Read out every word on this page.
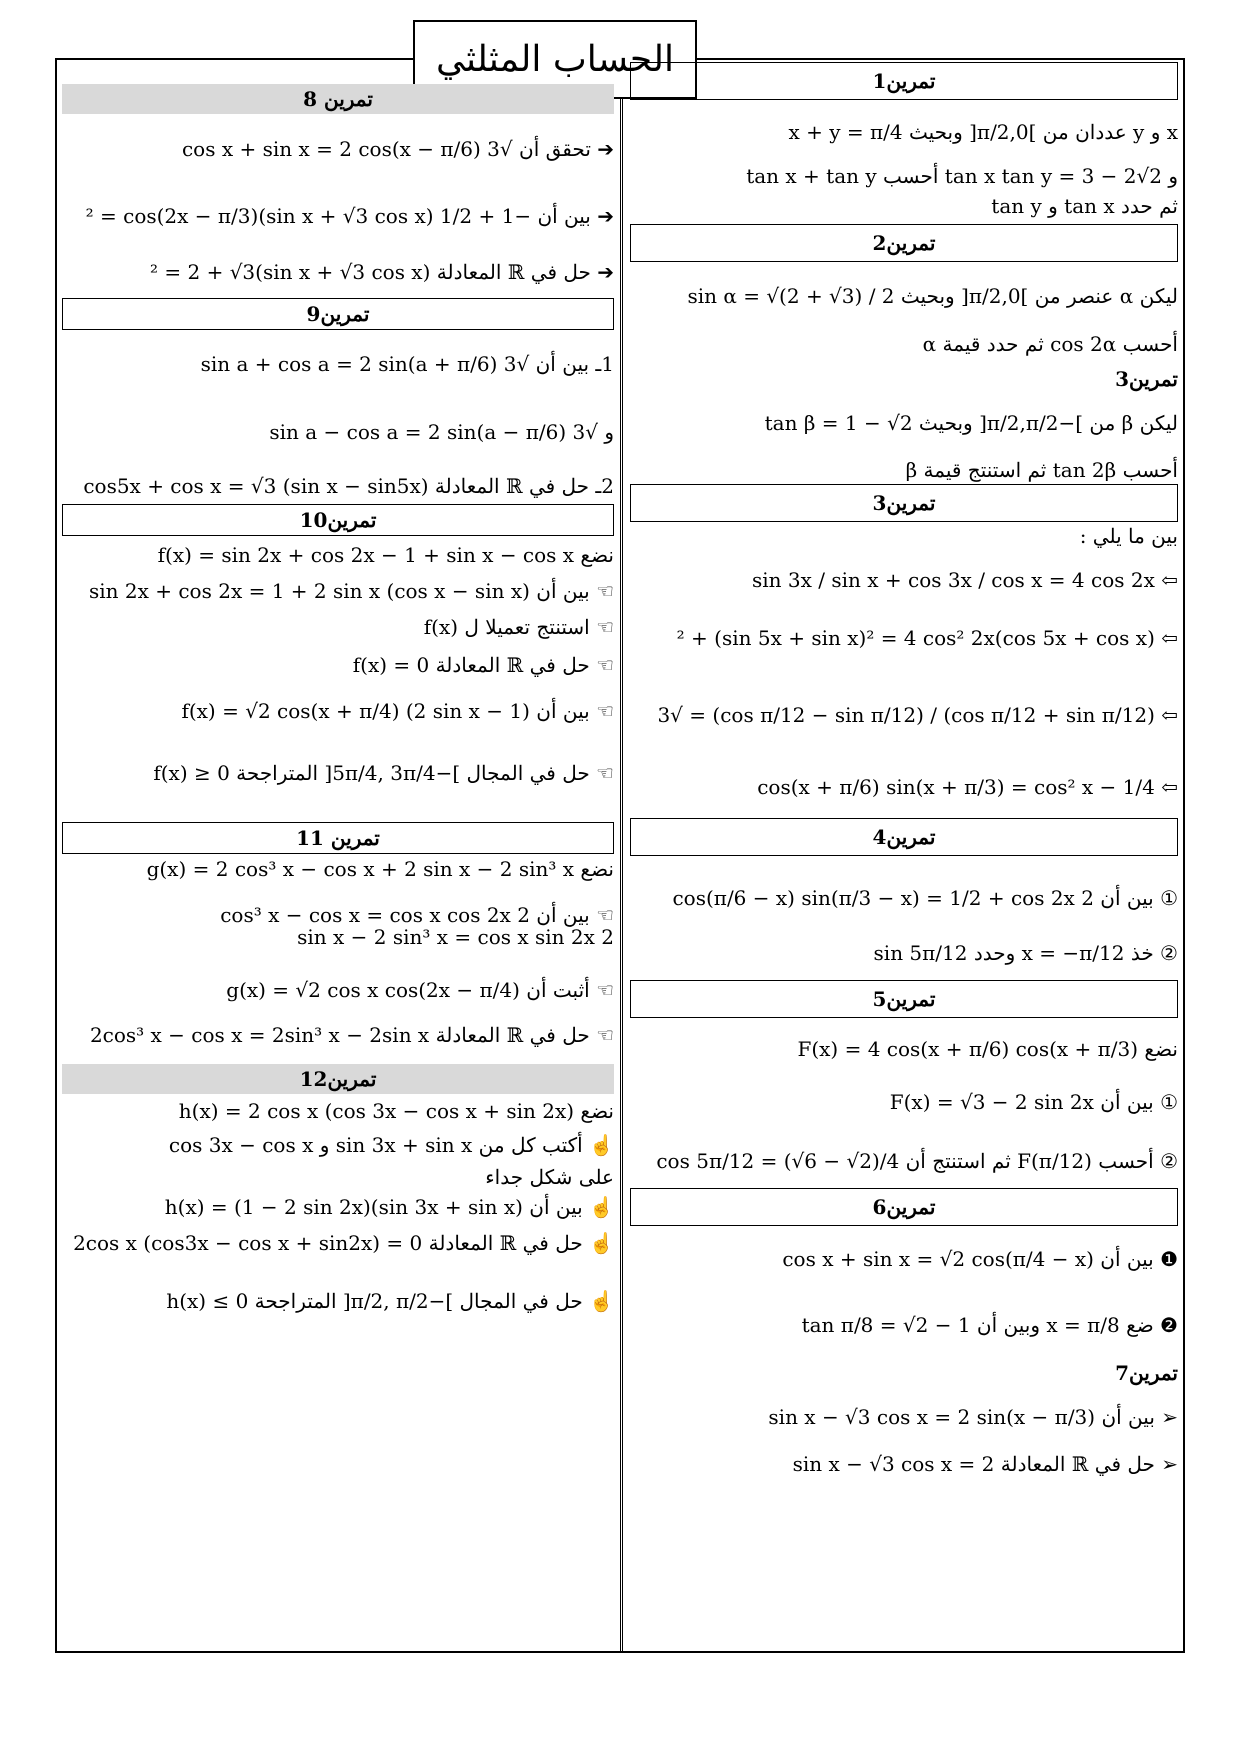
الحساب المثلثي
تمرين1
x و y عددان من ]0,π/2[ وبحيث x + y = π/4
و tan x tan y = 3 − 2√2 أحسب tan x + tan y
ثم حدد tan x و tan y
تمرين2
ليكن α عنصر من ]0,π/2[ وبحيث sin α = √(2 + √3) / 2
أحسب cos 2α ثم حدد قيمة α
تمرين3
ليكن β من ]−π/2,π/2[ وبحيث tan β = 1 − √2
أحسب tan 2β ثم استنتج قيمة β
تمرين3
بين ما يلي :
⇦ sin 3x / sin x + cos 3x / cos x = 4 cos 2x
⇦ (cos 5x + cos x)² + (sin 5x + sin x)² = 4 cos² 2x
⇦ (cos π/12 + sin π/12) / (cos π/12 − sin π/12) = √3
⇦ cos(x + π/6) sin(x + π/3) = cos² x − 1/4
تمرين4
① بين أن 2 cos(π/6 − x) sin(π/3 − x) = 1/2 + cos 2x
② خذ x = −π/12 وحدد sin 5π/12
تمرين5
نضع F(x) = 4 cos(x + π/6) cos(x + π/3)
① بين أن F(x) = √3 − 2 sin 2x
② أحسب F(π/12) ثم استنتج أن cos 5π/12 = (√6 − √2)/4
تمرين6
❶ بين أن cos x + sin x = √2 cos(π/4 − x)
❷ ضع x = π/8 وبين أن tan π/8 = √2 − 1
تمرين7
➢ بين أن sin x − √3 cos x = 2 sin(x − π/3)
➢ حل في ℝ المعادلة sin x − √3 cos x = 2
تمرين 8
➔ تحقق أن √3 cos x + sin x = 2 cos(x − π/6)
➔ بين أن −1 + 1/2 (sin x + √3 cos x)² = cos(2x − π/3)
➔ حل في ℝ المعادلة (sin x + √3 cos x)² = 2 + √3
تمرين9
1ـ بين أن √3 sin a + cos a = 2 sin(a + π/6)
و √3 sin a − cos a = 2 sin(a − π/6)
2ـ حل في ℝ المعادلة cos5x + cos x = √3 (sin x − sin5x)
تمرين10
نضع f(x) = sin 2x + cos 2x − 1 + sin x − cos x
☜ بين أن sin 2x + cos 2x = 1 + 2 sin x (cos x − sin x)
☜ استنتج تعميلا ل f(x)
☜ حل في ℝ المعادلة f(x) = 0
☜ بين أن f(x) = √2 cos(x + π/4) (2 sin x − 1)
☜ حل في المجال ]−5π/4, 3π/4[ المتراجحة f(x) ≥ 0
تمرين 11
نضع g(x) = 2 cos³ x − cos x + 2 sin x − 2 sin³ x
☜ بين أن 2 cos³ x − cos x = cos x cos 2x
2 sin x − 2 sin³ x = cos x sin 2x
☜ أثبت أن g(x) = √2 cos x cos(2x − π/4)
☜ حل في ℝ المعادلة 2cos³ x − cos x = 2sin³ x − 2sin x
تمرين12
نضع h(x) = 2 cos x (cos 3x − cos x + sin 2x)
☝ أكتب كل من sin 3x + sin x و cos 3x − cos x
على شكل جداء
☝ بين أن h(x) = (1 − 2 sin 2x)(sin 3x + sin x)
☝ حل في ℝ المعادلة 2cos x (cos3x − cos x + sin2x) = 0
☝ حل في المجال ]−π/2, π/2[ المتراجحة h(x) ≤ 0
